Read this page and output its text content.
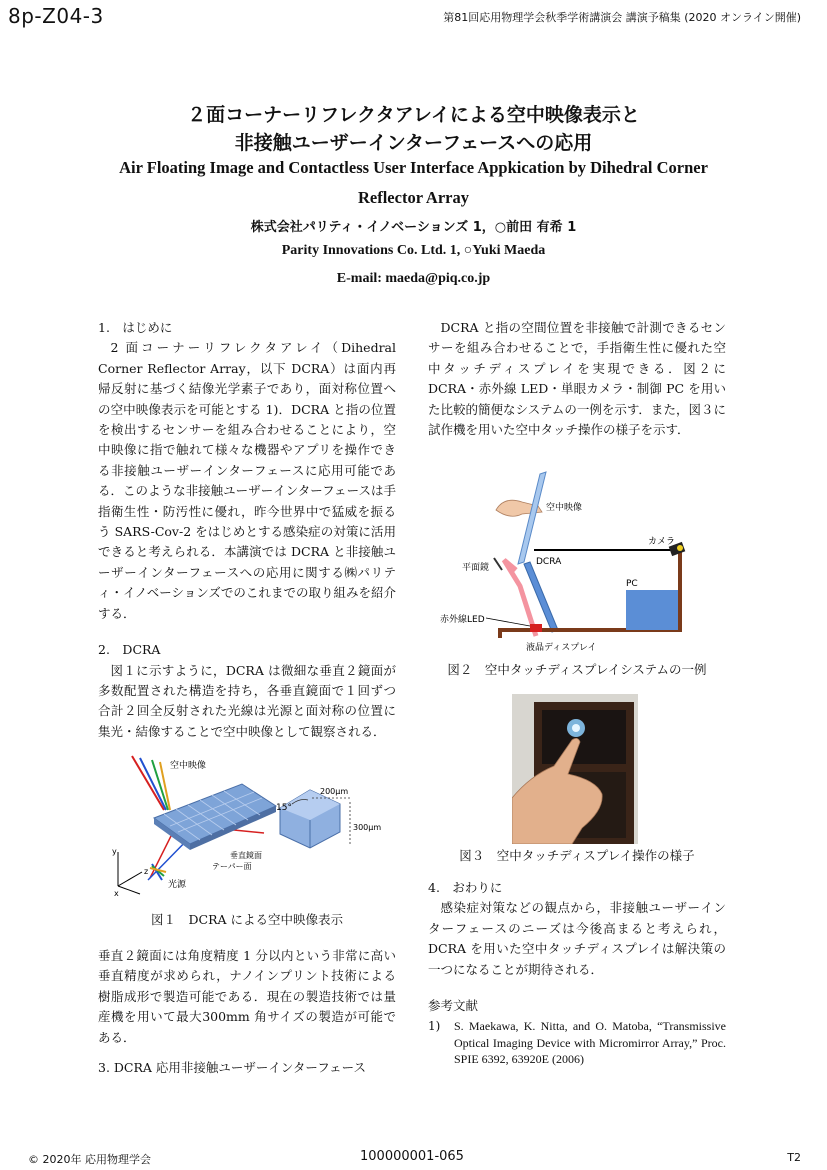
8p-Z04-3	第81回応用物理学会秋季学術講演会 講演予稿集 (2020 オンライン開催)
２面コーナーリフレクタアレイによる空中映像表示と
非接触ユーザーインターフェースへの応用
Air Floating Image and Contactless User Interface Appkication by Dihedral Corner
Reflector Array
株式会社パリティ・イノベーションズ 1，○前田 有希 1
Parity Innovations Co. Ltd. 1, ○Yuki Maeda
E-mail: maeda@piq.co.jp

1.　はじめに

2 面コーナーリフレクタアレイ（Dihedral Corner Reflector Array，以下 DCRA）は面内再帰反射に基づく結像光学素子であり，面対称位置への空中映像表示を可能とする 1)．DCRA と指の位置を検出するセンサーを組み合わせることにより，空中映像に指で触れて様々な機器やアプリを操作できる非接触ユーザーインターフェースに応用可能である．このような非接触ユーザーインターフェースは手指衛生性・防汚性に優れ，昨今世界中で猛威を振るう SARS-Cov-2 をはじめとする感染症の対策に活用できると考えられる．本講演では DCRA と非接触ユーザーインターフェースへの応用に関する㈱パリティ・イノベーションズでのこれまでの取り組みを紹介する．

2.　DCRA

図１に示すように，DCRA は微細な垂直２鏡面が多数配置された構造を持ち，各垂直鏡面で１回ずつ合計２回全反射された光線は光源と面対称の位置に集光・結像することで空中映像として観察される．

空中映像
15°
200μm
300μm
垂直鏡面
テーパー面
光源
y
z
x
図１　DCRA による空中映像表示

垂直２鏡面には角度精度 1 分以内という非常に高い垂直精度が求められ，ナノインプリント技術による樹脂成形で製造可能である．現在の製造技術では量産機を用いて最大300mm 角サイズの製造が可能である．

3. DCRA 応用非接触ユーザーインターフェース

DCRA と指の空間位置を非接触で計測できるセンサーを組み合わせることで，手指衛生性に優れた空中タッチディスプレイを実現できる．図２に DCRA・赤外線 LED・単眼カメラ・制御 PC を用いた比較的簡便なシステムの一例を示す．また，図３に試作機を用いた空中タッチ操作の様子を示す．

空中映像
カメラ
DCRA
平面鏡
PC
赤外線LED
液晶ディスプレイ
図２　空中タッチディスプレイシステムの一例
図３　空中タッチディスプレイ操作の様子

4.　おわりに

感染症対策などの観点から，非接触ユーザーインターフェースのニーズは今後高まると考えられ，DCRA を用いた空中タッチディスプレイは解決策の一つになることが期待される．

参考文献

1) S. Maekawa, K. Nitta, and O. Matoba, “Transmissive Optical Imaging Device with Micromirror Array,” Proc. SPIE 6392, 63920E (2006)
© 2020年 応用物理学会	100000001-065	T2
